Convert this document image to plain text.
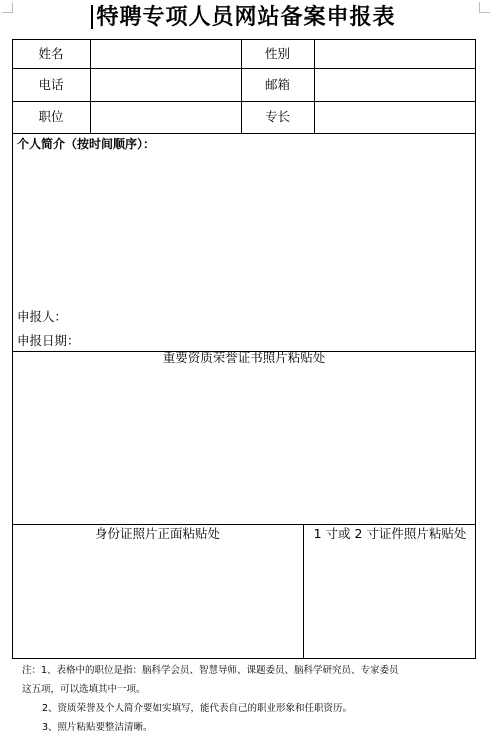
特聘专项人员网站备案申报表
姓名	性别
电话	邮箱
职位	专长
个人简介（按时间顺序）：
申报人：
申报日期：
重要资质荣誉证书照片粘贴处
身份证照片正面粘贴处	1 寸或 2 寸证件照片粘贴处
注：1、表格中的职位是指：脑科学会员、智慧导师、课题委员、脑科学研究员、专家委员
这五项，可以选填其中一项。
2、资质荣誉及个人简介要如实填写，能代表自己的职业形象和任职资历。
3、照片粘贴要整洁清晰。
